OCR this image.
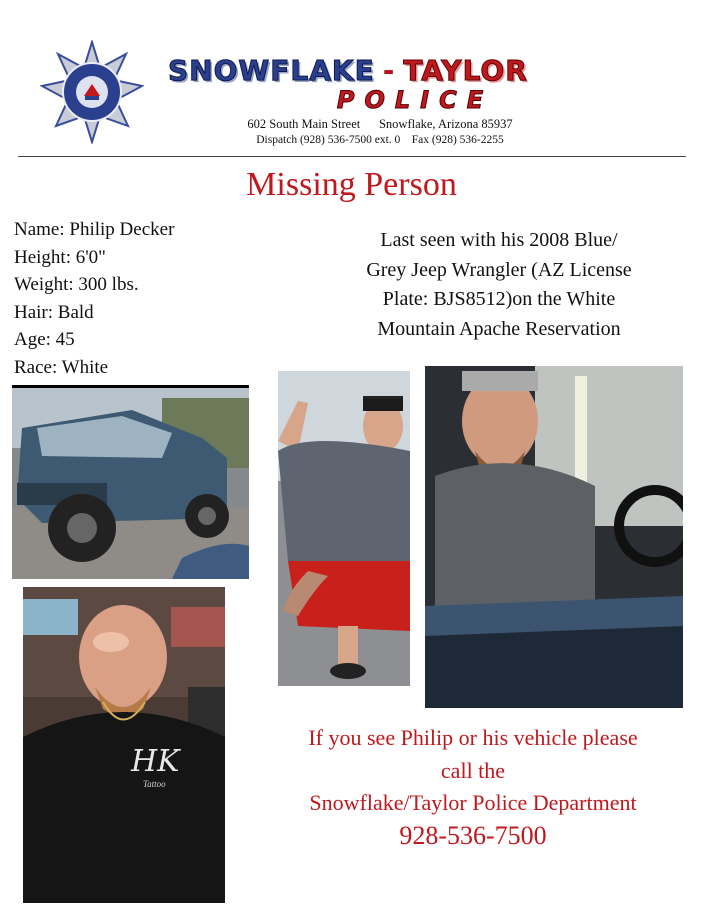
SNOWFLAKE - TAYLOR
POLICE
602 South Main Street Snowflake, Arizona 85937
Dispatch (928) 536-7500 ext. 0 Fax (928) 536-2255
Missing Person
Name: Philip Decker
Height: 6'0"
Weight: 300 lbs.
Hair: Bald
Age: 45
Race: White
Last seen with his 2008 Blue/
Grey Jeep Wrangler (AZ License
Plate: BJS8512)on the White
Mountain Apache Reservation
HK
Tattoo
If you see Philip or his vehicle please
call the
Snowflake/Taylor Police Department
928-536-7500
